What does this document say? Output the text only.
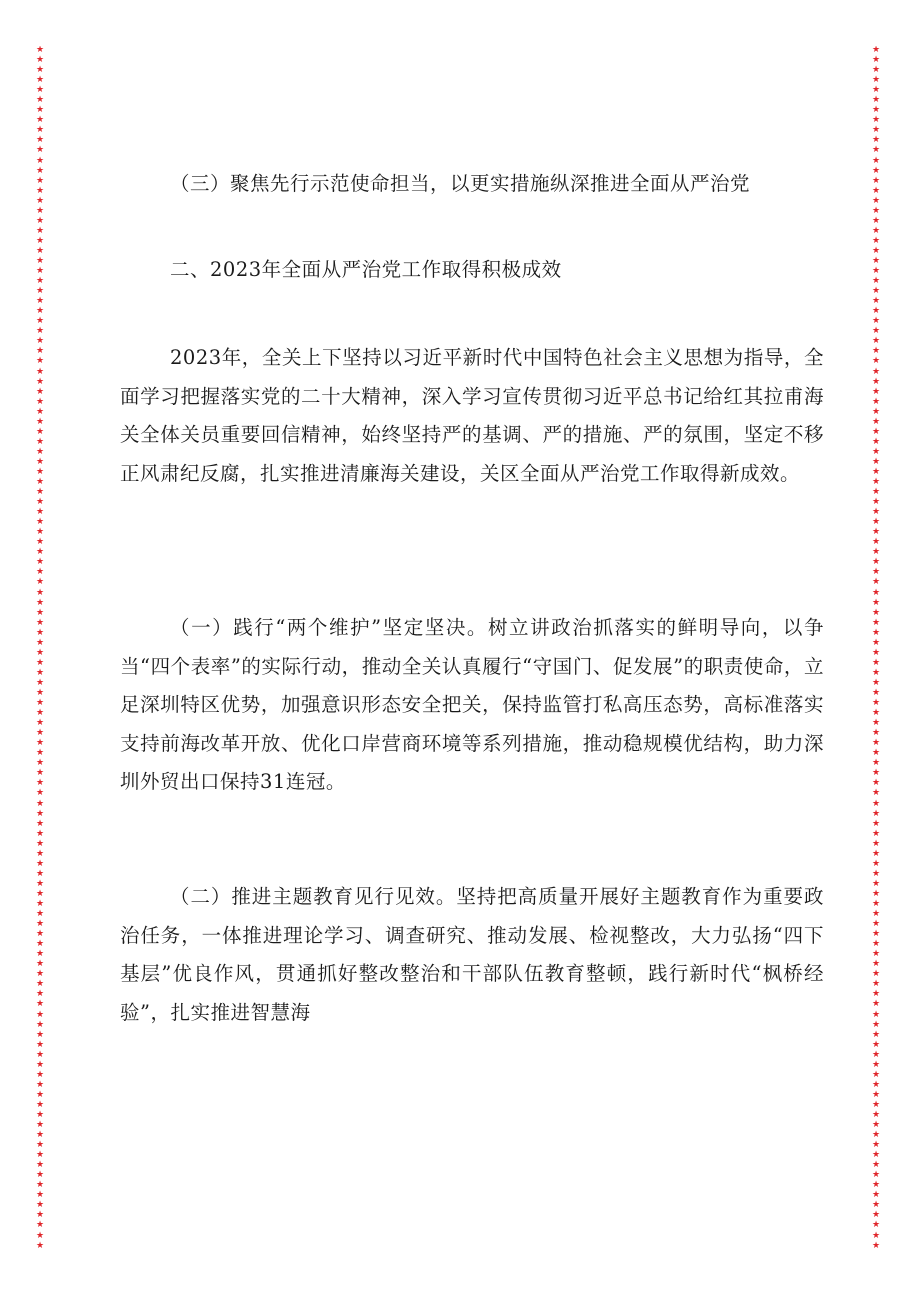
★
★
★
★
★
★
★
★
★
★
★
★
★
★
★
★
★
★
★
★
★
★
★
★
★
★
★
★
★
★
★
★
★
★
★
★
★
★
★
★
★
★
★
★
★
★
★
★
★
★
★
★
★
★
★
★
★
★
★
★
★
★
★
★
★
★
★
★
★
★
★
★
★
★
★
★
★
★
★
★
★
★
★
★
★
★
★
★
★
★
★
★
★
★
★
★
★
★
★
★
★
★
★
★
★
★
★
★
★
★
★
★
★
★
★
★
★
★
★
★
★
★
★
★
★
★
★
★
★
★
★
★
★
★
★
★
★
★
★
★
★
★
★
★
★
★
★
★
★
★
★
★
★
★
★
★
★
★
★
★
★
★
★
★
★
★
★
★
★
★
★
★
★
★
★
★
★
★
★
★
★
★
★
★
★
★
★
★
★
★
★
★
★
★
★
★
★
★
★
★
★
★
★
★
★
★
★
★
★
★
★
★
★
★
★
★
★
★
★
★
★
★
★
★
★
★
★
★
★
★
★
★
★
★
★
★
★
★
★
★
（三）聚焦先行示范使命担当，以更实措施纵深推进全面从严治党
二、2023年全面从严治党工作取得积极成效
2023年，全关上下坚持以习近平新时代中国特色社会主义思想为指导，全面学习把握落实党的二十大精神，深入学习宣传贯彻习近平总书记给红其拉甫海关全体关员重要回信精神，始终坚持严的基调、严的措施、严的氛围，坚定不移正风肃纪反腐，扎实推进清廉海关建设，关区全面从严治党工作取得新成效。
（一）践行“两个维护”坚定坚决。树立讲政治抓落实的鲜明导向，以争当“四个表率”的实际行动，推动全关认真履行“守国门、促发展”的职责使命，立足深圳特区优势，加强意识形态安全把关，保持监管打私高压态势，高标准落实支持前海改革开放、优化口岸营商环境等系列措施，推动稳规模优结构，助力深圳外贸出口保持31连冠。
（二）推进主题教育见行见效。坚持把高质量开展好主题教育作为重要政治任务，一体推进理论学习、调查研究、推动发展、检视整改，大力弘扬“四下基层”优良作风，贯通抓好整改整治和干部队伍教育整顿，践行新时代“枫桥经验”，扎实推进智慧海
